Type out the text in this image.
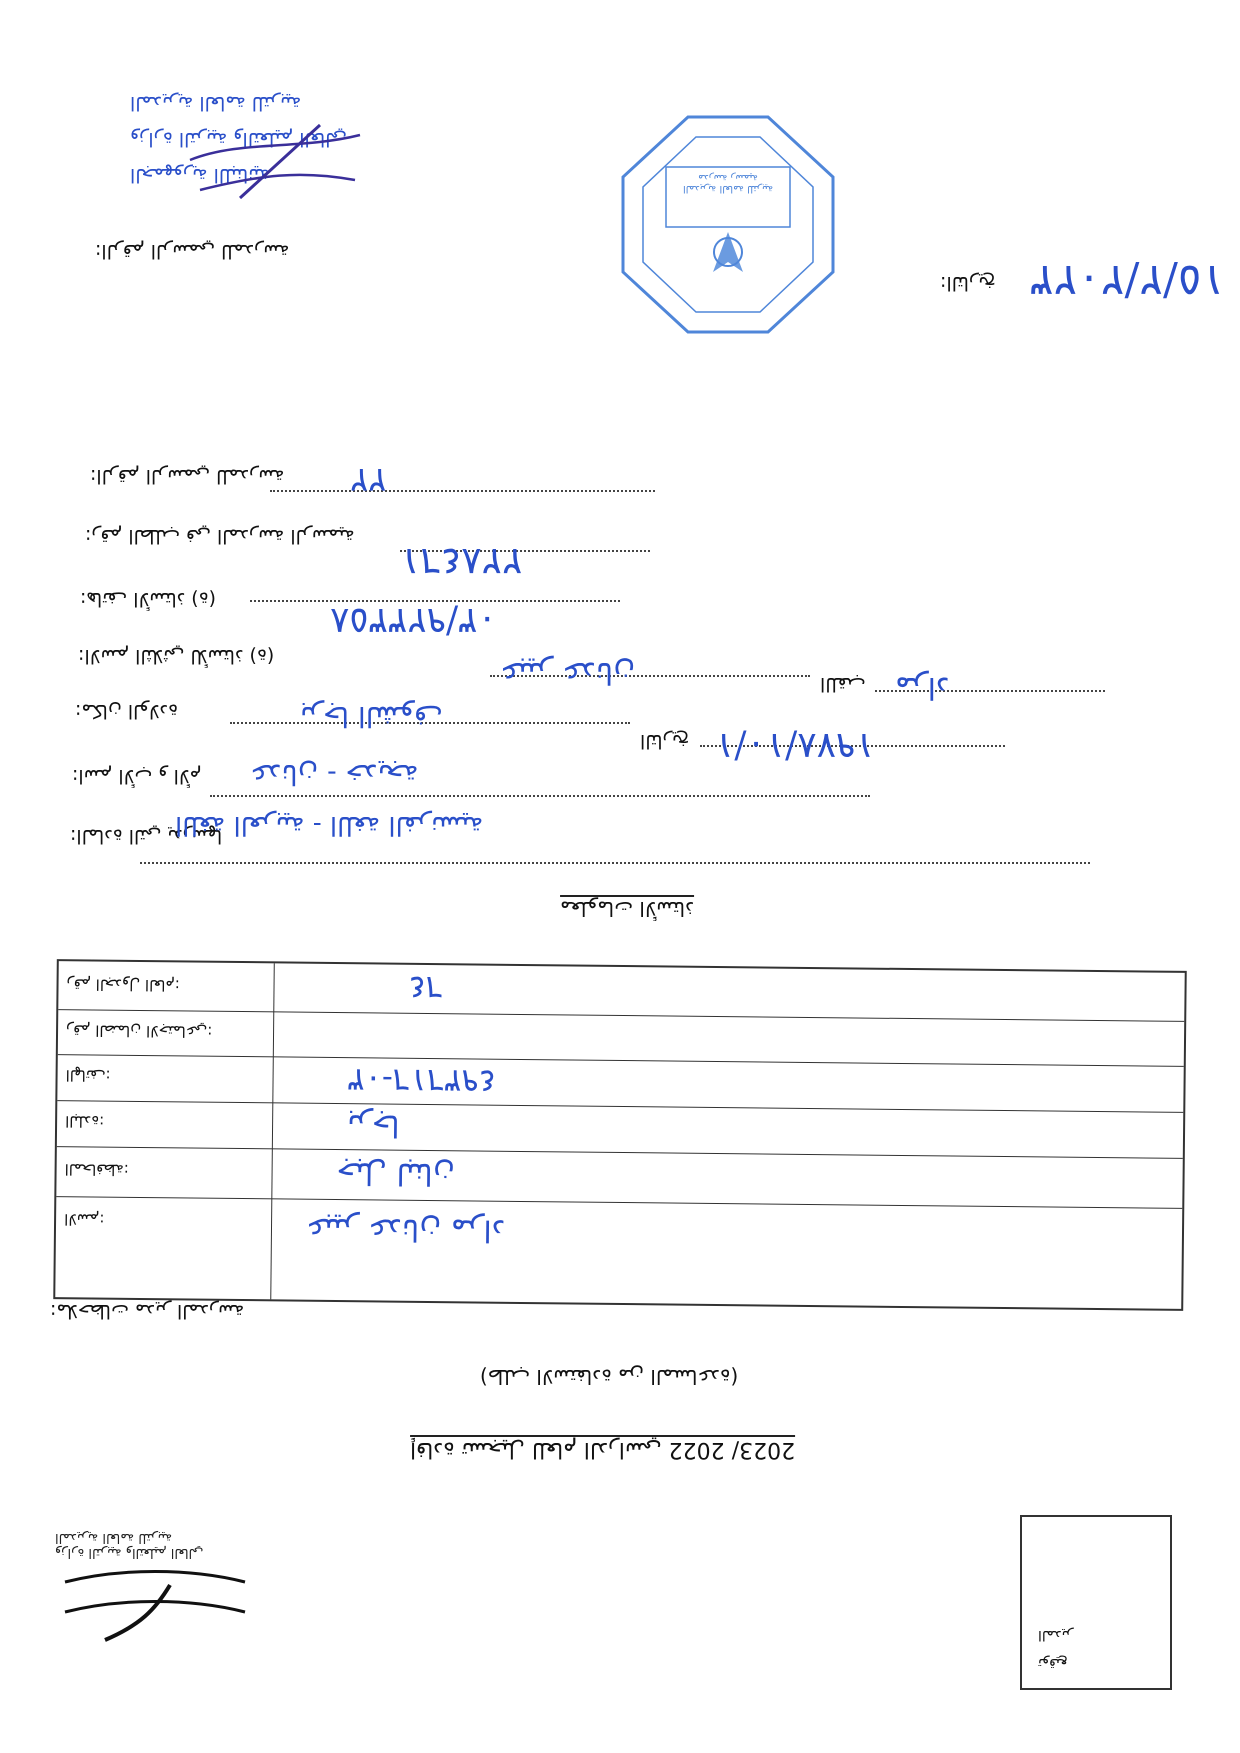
الجمهورية اللبنانية
وزارة التربية والتعليم العالي
المديرية العامة للتربية
:الرقم الرسمي للمدرسة
المديرية العامة للتربية
مدرسة رسمية
:التاريخ ١٥/٢/٢٠٢٣
:الرقم الرسمي للمدرسة ٢٢
:رقم الطلب في المدرسة الرسمية
٢٢٨٤٦١
:هاتف الأستاذ (ة)
٠٣/٩٢٣٣٥٨
:الاسم الثلاثي للأستاذ (ة)	عبير عدنان	اللقب مراد
:مكان الولادة	برجا الشوف
التاريخ ١٩٧٨/١٠/١
:اسم الأب و الأم عدنان - خديجة
:المادة التي يدرسها
اللغة العربية - اللغة الفرنسية
معلومات الأستاذ
:رقم الجدول العام	٦٤
:رقم الضمان الاجتماعي
:الهاتف	٠٣-٤٩٣٦١٦
:البلدة	برجا
:المحافظة	جبل لبنان
:الاسم	عبير عدنان مراد
:ملاحظات مدير المدرسة
(طلب الاستفادة من المساعدة)
إفادة تسجيل للعام الدراسي 2022 /2023
وزارة التربية والتعليم العالي
المديرية العامة للتربية
المدير
توقيع
